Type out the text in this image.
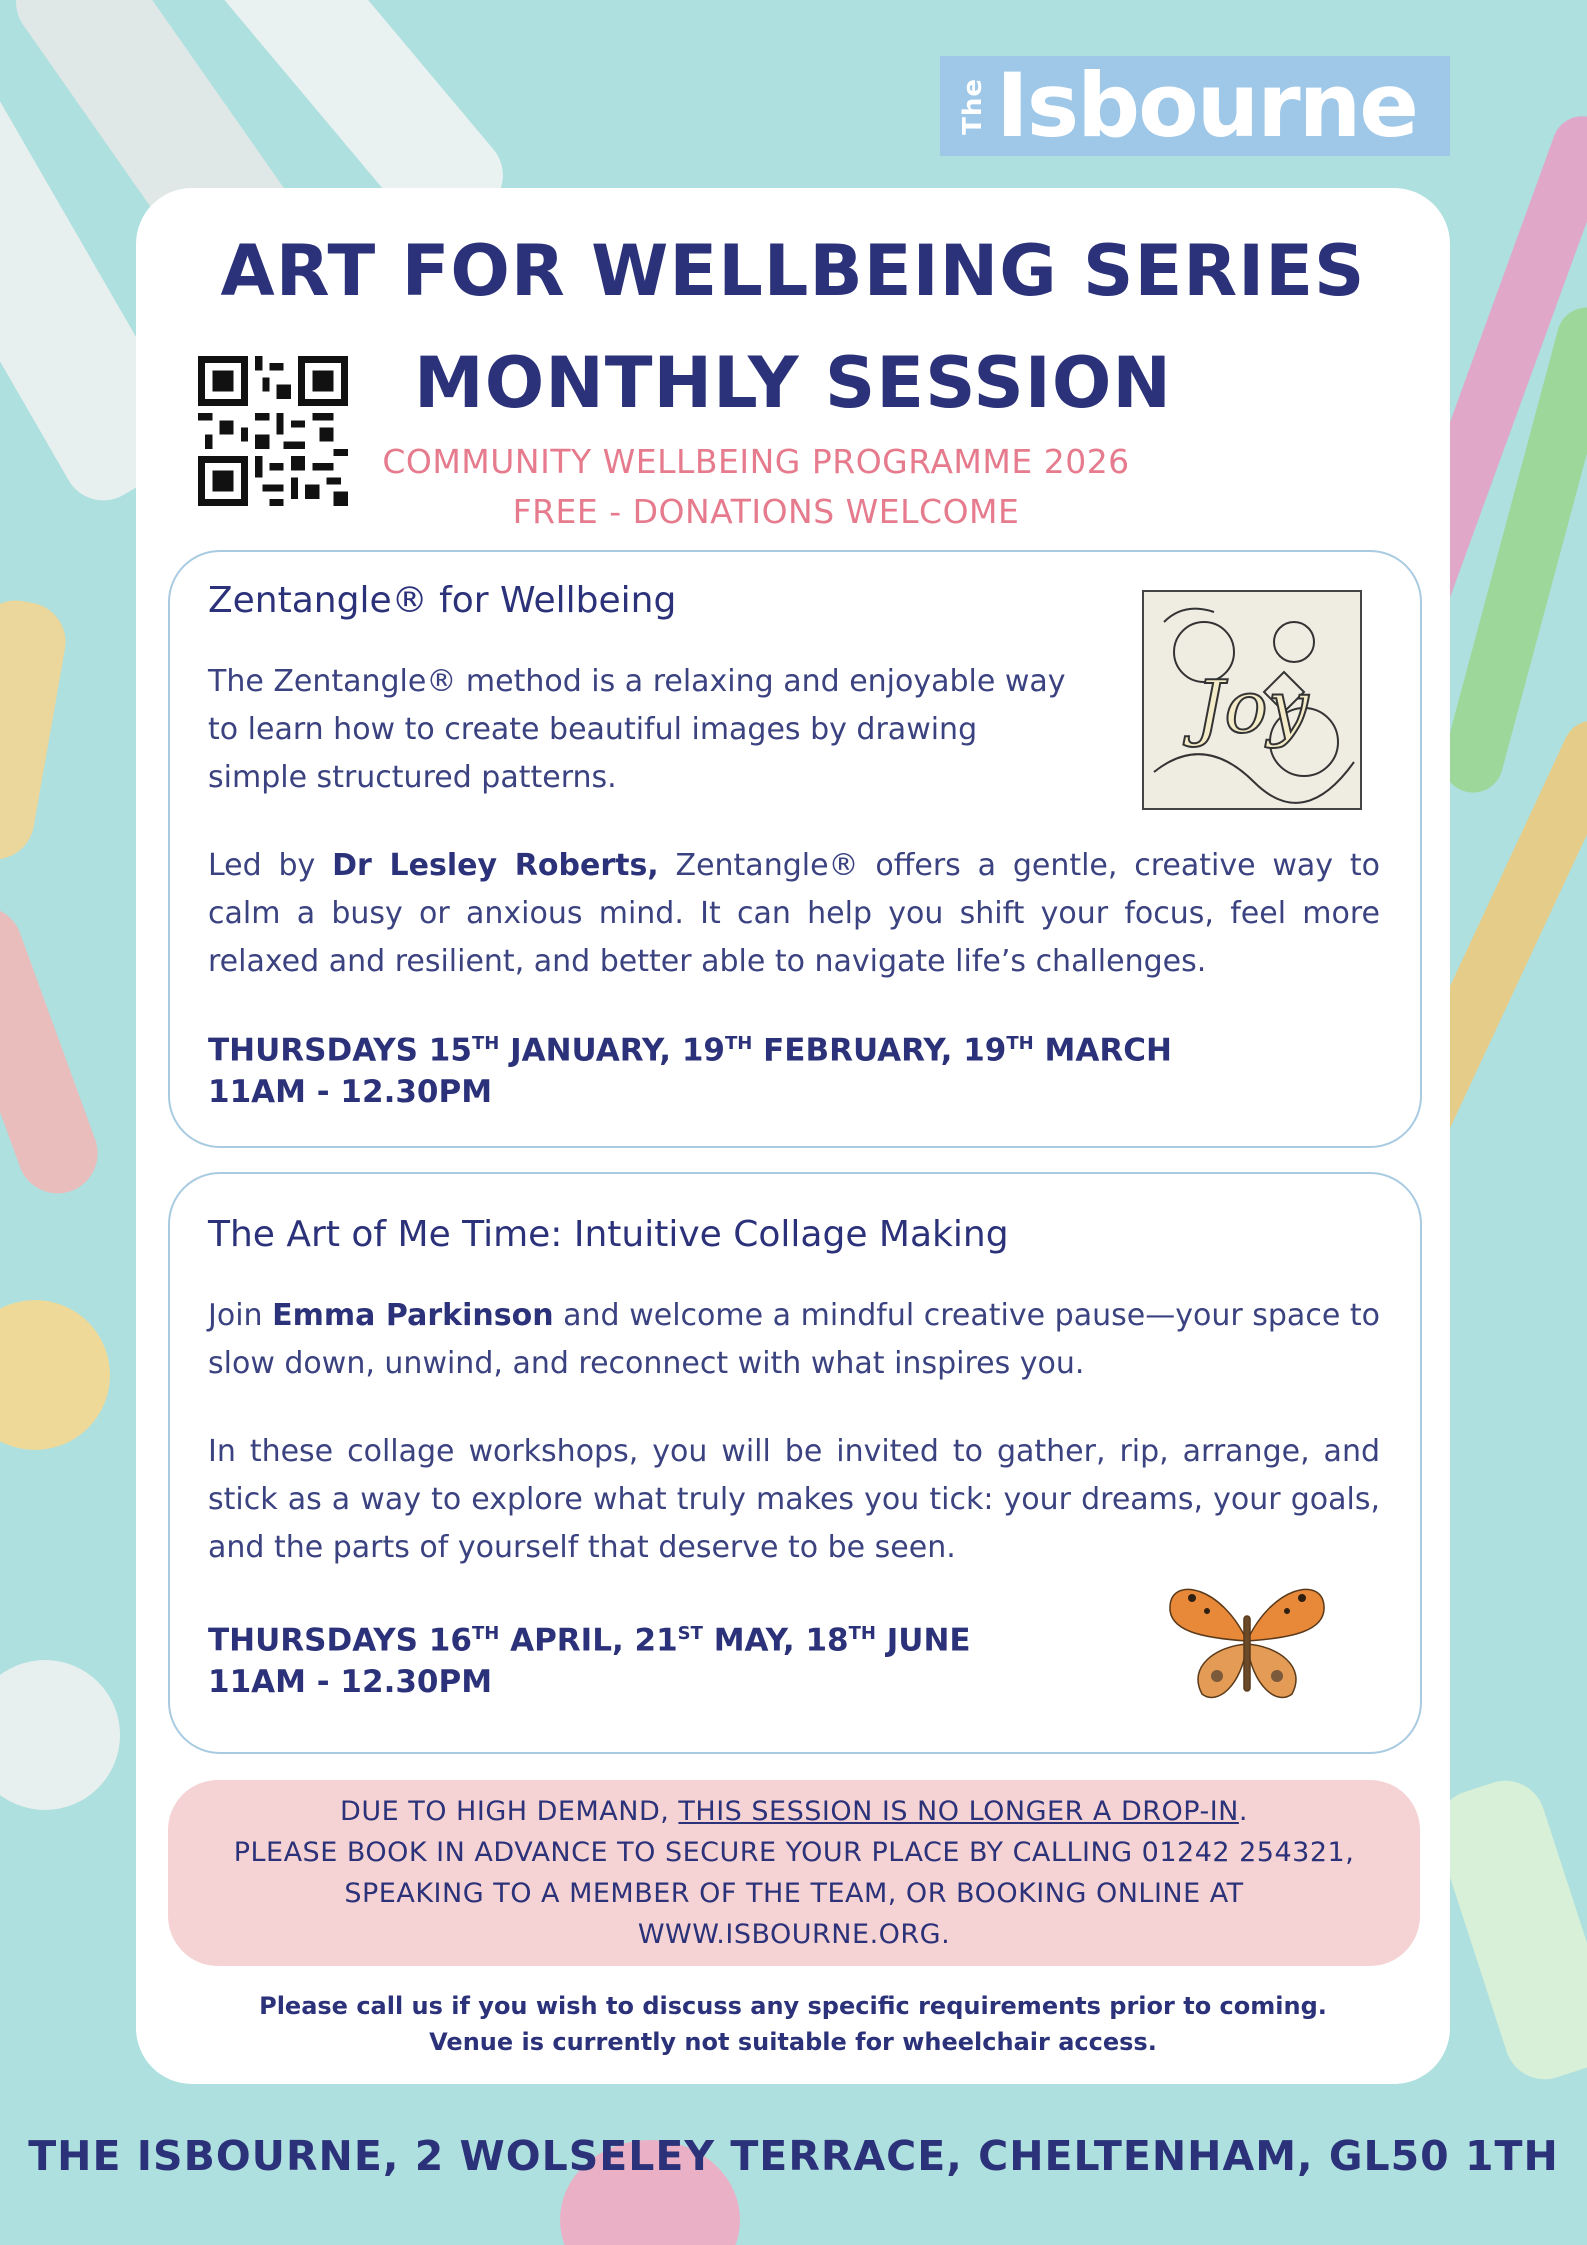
The Isbourne
ART FOR WELLBEING SERIES
MONTHLY SESSION
COMMUNITY WELLBEING PROGRAMME 2026
FREE - DONATIONS WELCOME
Zentangle® for Wellbeing

The Zentangle® method is a relaxing and enjoyable way to learn how to create beautiful images by drawing simple structured patterns.

Led by Dr Lesley Roberts, Zentangle® offers a gentle, creative way to calm a busy or anxious mind. It can help you shift your focus, feel more relaxed and resilient, and better able to navigate life’s challenges.

THURSDAYS 15TH JANUARY, 19TH FEBRUARY, 19TH MARCH
11AM - 12.30PM
Joy
The Art of Me Time: Intuitive Collage Making

Join Emma Parkinson and welcome a mindful creative pause—your space to slow down, unwind, and reconnect with what inspires you.

In these collage workshops, you will be invited to gather, rip, arrange, and stick as a way to explore what truly makes you tick: your dreams, your goals, and the parts of yourself that deserve to be seen.

THURSDAYS 16TH APRIL, 21ST MAY, 18TH JUNE
11AM - 12.30PM
DUE TO HIGH DEMAND, THIS SESSION IS NO LONGER A DROP-IN.
PLEASE BOOK IN ADVANCE TO SECURE YOUR PLACE BY CALLING 01242 254321,
SPEAKING TO A MEMBER OF THE TEAM, OR BOOKING ONLINE AT
WWW.ISBOURNE.ORG.
Please call us if you wish to discuss any specific requirements prior to coming.
Venue is currently not suitable for wheelchair access.
THE ISBOURNE, 2 WOLSELEY TERRACE, CHELTENHAM, GL50 1TH
